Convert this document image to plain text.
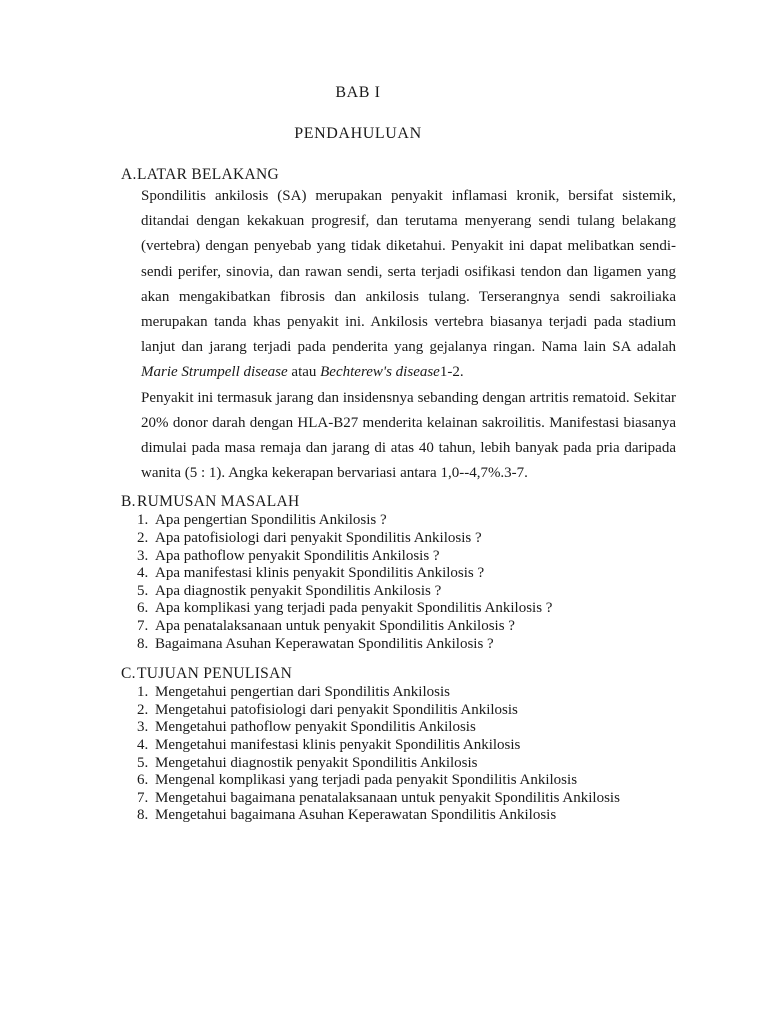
BAB I
PENDAHULUAN
A.LATAR BELAKANG

Spondilitis ankilosis (SA) merupakan penyakit inflamasi kronik, bersifat sistemik, ditandai dengan kekakuan progresif, dan terutama menyerang sendi tulang belakang (vertebra) dengan penyebab yang tidak diketahui. Penyakit ini dapat melibatkan sendi-sendi perifer, sinovia, dan rawan sendi, serta terjadi osifikasi tendon dan ligamen yang akan mengakibatkan fibrosis dan ankilosis tulang. Terserangnya sendi sakroiliaka merupakan tanda khas penyakit ini. Ankilosis vertebra biasanya terjadi pada stadium lanjut dan jarang terjadi pada penderita yang gejalanya ringan. Nama lain SA adalah Marie Strumpell disease atau Bechterew's disease1-2.

Penyakit ini termasuk jarang dan insidensnya sebanding dengan artritis rematoid. Sekitar 20% donor darah dengan HLA-B27 menderita kelainan sakroilitis. Manifestasi biasanya dimulai pada masa remaja dan jarang di atas 40 tahun, lebih banyak pada pria daripada wanita (5 : 1). Angka kekerapan bervariasi antara 1,0--4,7%.3-7.

B.RUMUSAN MASALAH
1. Apa pengertian Spondilitis Ankilosis ?
2. Apa patofisiologi dari penyakit Spondilitis Ankilosis ?
3. Apa pathoflow penyakit Spondilitis Ankilosis ?
4. Apa manifestasi klinis penyakit Spondilitis Ankilosis ?
5. Apa diagnostik penyakit Spondilitis Ankilosis ?
6. Apa komplikasi yang terjadi pada penyakit Spondilitis Ankilosis ?
7. Apa penatalaksanaan untuk penyakit Spondilitis Ankilosis ?
8. Bagaimana Asuhan Keperawatan Spondilitis Ankilosis ?
C.TUJUAN PENULISAN
1. Mengetahui pengertian dari Spondilitis Ankilosis
2. Mengetahui patofisiologi dari penyakit Spondilitis Ankilosis
3. Mengetahui pathoflow penyakit Spondilitis Ankilosis
4. Mengetahui manifestasi klinis penyakit Spondilitis Ankilosis
5. Mengetahui diagnostik penyakit Spondilitis Ankilosis
6. Mengenal komplikasi yang terjadi pada penyakit Spondilitis Ankilosis
7. Mengetahui bagaimana penatalaksanaan untuk penyakit Spondilitis Ankilosis
8. Mengetahui bagaimana Asuhan Keperawatan Spondilitis Ankilosis
